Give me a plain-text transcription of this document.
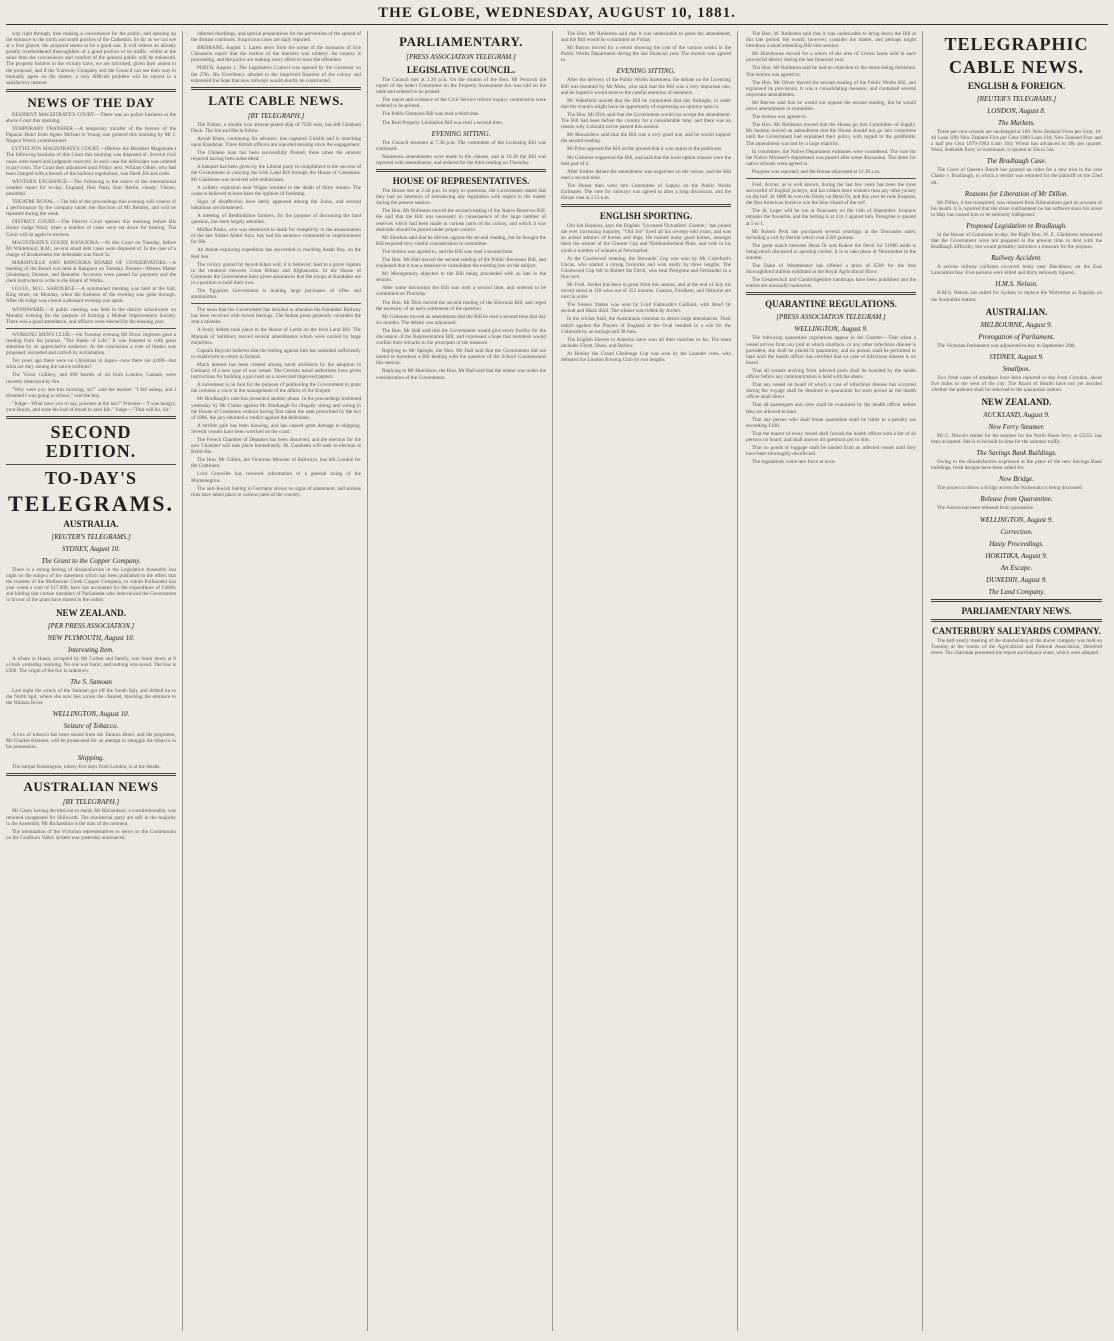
THE GLOBE, WEDNESDAY, AUGUST 10, 1881.

way right through, thus making a convenience for the public, and opening up the entrance to the north and south porches of the Cathedral. So far as we can see at a first glance, the proposal seems to be a good one. It will relieve an already greatly overburdened thoroughfare of a good portion of its traffic, whilst at the same time the convenience and comfort of the general public will be enhanced. The property holders in the vicinity have, we are informed, given their assent to the proposal, and if the Tramway Company and the Council can see their way to mutually agree on the matter, a very difficult problem will be solved in a satisfactory manner.

NEWS OF THE DAY

RESIDENT MAGISTRATE'S COURT.—There was no police business at the above Court this morning.

TEMPORARY TRANSFER.—A temporary transfer of the licence of the Papanui Hotel from Agnes Mclean to Young was granted this morning by Mr J. Nugent Wood, commissioner.

LYTTELTON MAGISTRATE'S COURT.—(Before the Resident Magistrate.) The following business of this Court this morning was disposed of. Several civil cases were heard and judgment reserved. In each case the defendant was ordered to pay costs. The Court then adjourned until Friday next. William Oddie, who had been charged with a breach of the harbour regulations, was fined 20s and costs.

WESTERN EXCHANGE.—The following is the return of the international weather report for to-day: England, fine; Paris, fine; Berlin, cloudy; Vienna, unsettled.

THEATRE ROYAL.—The bill of the proceedings this evening will consist of a performance by the company under the direction of Mr Bentley, and will be repeated during the week.

DISTRICT COURT.—The District Court opened this morning before His Honor Judge Ward, when a number of cases were set down for hearing. The Court will sit again to-morrow.

MAGISTRATE'S COURT, RANGIORA.—At this Court on Tuesday, before Mr Whitefoord, R.M., several small debt cases were disposed of. In the case of a charge of drunkenness the defendant was fined 5s.

MARSHVILLE AND RANGIORA BOARD OF CONSERVATORS.—A meeting of the Board was held at Rangiora on Tuesday. Present—Messrs Maher (chairman), Dunsoe, and Bennetts. Accounts were passed for payment and the clerk instructed to write to the Board of Works.

I.O.O.F., M.U., SABOURGE.—A summoned meeting was held at the hall, King street, on Monday, when the business of the evening was gone through. After the lodge was closed a pleasant evening was spent.

WOODWARD.—A public meeting was held in the district schoolroom on Monday evening for the purpose of forming a Mutual Improvement Society. There was a good attendance, and officers were elected for the ensuing year.

WORKING MEN'S CLUB.—On Tuesday evening Mr Ebon. Inglesen gave a reading from his journal, "The Battle of Life." It was listened to with great attention by an appreciative audience. At the conclusion a vote of thanks was proposed, seconded and carried by acclamation.

Ten years ago there were no Christians in Japan—now there are 4,000—but what are they among the native millions?

The Victor Colliery, and 600 barrels of oil from London, Canada, were recently destroyed by fire.

"Why were you late this morning, sir?" said the teacher. "I fell asleep, and I dreamed I was going to school," said the boy.

"Judge—What have you to say, prisoner at the bar?" Prisoner—"I was hungry, your Honor, and stole the loaf of bread to save life." Judge—"That will do, Sir."

SECOND EDITION.
TO-DAY'S
TELEGRAMS.
AUSTRALIA.
[REUTER'S TELEGRAMS.]
SYDNEY, August 10.
The Grant to the Copper Company.

There is a strong feeling of dissatisfaction in the Legislative Assembly last night on the subject of the statement which has been published to the effect that the trustees of the Melbourne Creek Copper Company, to whom Parliament last year voted a sum of £17,000, have not accounted for the expenditure of £4000, and hinting that certain members of Parliament who interviewed the Government in favour of the grant have shared in the outlay.

NEW ZEALAND.
[PER PRESS ASSOCIATION.]
NEW PLYMOUTH, August 10.
Interesting Item.

A whare at Hauta, occupied by Mr Corbet and family, was burnt down at 6 o'clock yesterday morning. No one was burnt, and nothing was saved. The loss is £300. The origin of the fire is unknown.

The S. Samoan

Last night the wreck of the Samoan got off the South Spit, and drifted on to the North Spit, where she now lies across the channel, blocking the entrance to the Waitara River.

WELLINGTON, August 10.
Seizure of Tobacco.

A box of tobacco has been seized from the Tararua Hotel, and the proprietor, Mr Charles Kimmer, will be prosecuted for an attempt to smuggle the tobacco in his possession.

Shipping.

The barque Kennington, ninety-five days from London, is at the Heads.

AUSTRALIAN NEWS
[BY TELEGRAPH.]

Mr Casey having decided not to stand, Mr Richardson, a constitutionalist, was returned unopposed for Shilworth. The ministerial party are still in the majority in the Assembly. Mr Richardson is the man of the moment.

The nomination of the Victorian representatives to serve on the Commission on the Goulburn Valley system was yesterday announced.

infected dwellings, and special preparations for the prevention of the spread of the disease continues. Suspicious cases are daily reported.

BRISBANE, August 1. Latest news from the scene of the massacre of five Chinamen report that the motive of the murders was robbery. An inquiry is proceeding, and the police are making every effort to trace the offenders.

PERTH, August 1. The Legislative Council was opened by the Governor on the 27th. His Excellency alluded to the improved finances of the colony and expressed the hope that new railways would shortly be constructed.

LATE CABLE NEWS.
[BY TELEGRAPH.]

The Nation, a double iron armour-plated ship of 7220 tons, has left Chatham Dock. The Iris and Hecla follow.

Ayoub Khan, continuing his advance, has captured Girishk and is marching upon Kandahar. Three British officers are reported missing since the engagement.

The Chinese loan has been successfully floated, three times the amount required having been subscribed.

A banquet has been given by the Liberal party in compliment to the success of the Government in carrying the Irish Land Bill through the House of Commons. Mr Gladstone was received with enthusiasm.

A colliery explosion near Wigan resulted in the death of thirty miners. The cause is believed to have been the ignition of firedamp.

Signs of disaffection have lately appeared among the Zulus, and several battalions are threatened.

A meeting of Bedfordshire farmers, for the purpose of discussing the land question, has been largely attended.

Midhat Pasha, who was sentenced to death for complicity in the assassination of the late Sultan Abdul Aziz, has had his sentence commuted to imprisonment for life.

An Italian exploring expedition has succeeded in reaching Assab Bay, on the Red Sea.

The victory gained by Ayoub Khan will, it is believed, lead to a grave rupture in the relations between Great Britain and Afghanistan. In the House of Commons the Government have given assurances that the troops at Kandahar are in a position to hold their own.

The Egyptian Government is making large purchases of rifles and ammunition.

The news that the Government has decided to abandon the Kandahar Railway has been received with mixed feelings. The Indian press generally considers the step a mistake.

A lively debate took place in the House of Lords on the Irish Land Bill. The Marquis of Salisbury moved several amendments which were carried by large majorities.

Captain Boycott believes that the feeling against him has subsided sufficiently to enable him to return to Ireland.

Much interest has been created among naval architects by the adoption in Germany of a new type of war vessel. The German naval authorities have given instructions for building a gun boat on a novel and improved pattern.

A movement is on foot for the purpose of petitioning the Government to grant the colonies a voice in the management of the affairs of the Empire.

Mr Bradlaugh's case has presented another phase. In the proceedings instituted yesterday by Mr Clarke against Mr Bradlaugh for illegally sitting and voting in the House of Commons without having first taken the oath prescribed by the Act of 1866, the jury returned a verdict against the defendant.

A terrible gale has been blowing, and has caused great damage to shipping. Several vessels have been wrecked on the coast.

The French Chamber of Deputies has been dissolved, and the election for the new Chamber will take place immediately. M. Gambetta will seek re-election at Belleville.

The Hon. Mr Gillies, the Victorian Minister of Railways, has left London for the Continent.

Lord Granville has received information of a general rising of the Montenegrins.

The anti-Jewish feeling in Germany shows no signs of abatement, and serious riots have taken place in various parts of the country.

PARLIAMENTARY.
[PRESS ASSOCIATION TELEGRAM.]
LEGISLATIVE COUNCIL.

The Council met at 2.30 p.m. On the motion of the Hon. Mr Peacock the report of the Select Committee on the Property Assessment Act was laid on the table and ordered to be printed.

The report and evidence of the Civil Service reform inquiry commission were ordered to be printed.

The Public Domains Bill was read a third time.

The Real Property Limitation Bill was read a second time.

EVENING SITTING.

The Council resumed at 7.30 p.m. The committee of the Licensing Bill was continued.

Numerous amendments were made in the clauses, and at 10.30 the Bill was reported with amendments, and ordered for the third reading on Thursday.

HOUSE OF REPRESENTATIVES.

The House met at 2.30 p.m. In reply to questions, the Government stated that they had no intention of introducing any legislation with regard to the matter during the present session.

The Hon. Mr Rolleston moved the second reading of the Native Reserves Bill. He said that the Bill was necessary in consequence of the large number of reserves which had been made in various parts of the colony, and which it was desirable should be placed under proper control.

Mr Sheehan said that he did not oppose the second reading, but he thought the Bill required very careful consideration in committee.

The motion was agreed to, and the Bill was read a second time.

The Hon. Mr Hall moved the second reading of the Public Revenues Bill, and explained that it was a measure to consolidate the existing law on the subject.

Mr Montgomery objected to the Bill being proceeded with so late in the session.

After some discussion the Bill was read a second time, and ordered to be committed on Thursday.

The Hon. Mr Dick moved the second reading of the Electoral Bill, and urged the necessity of an early settlement of the question.

Mr Gisborne moved an amendment that the Bill be read a second time that day six months. The debate was adjourned.

The Hon. Mr Hall said that the Government would give every facility for the discussion of the Representation Bill, and expressed a hope that members would confine their remarks to the principles of the measure.

Replying to Mr Speight, the Hon. Mr Hall said that the Government did not intend to introduce a Bill dealing with the question of the School Commissions this session.

Replying to Mr Hutchison, the Hon. Mr Hall said that the matter was under the consideration of the Government.

The Hon. Mr Rolleston said that it was undesirable to press the amendment, and the Bill would be committed on Friday.

Mr Barron moved for a return showing the cost of the various works in the Public Works Department during the last financial year. The motion was agreed to.

EVENING SITTING.

After the delivery of the Public Works Statement, the debate on the Licensing Bill was resumed by Mr Moss, who said that the Bill was a very important one, and he hoped it would receive the careful attention of members.

Mr Wakefield moved that the Bill be committed that day fortnight, in order that the country might have an opportunity of expressing an opinion upon it.

The Hon. Mr Dick said that the Government would not accept the amendment. The Bill had been before the country for a considerable time, and there was no reason why it should not be passed this session.

Mr Macandrew said that the Bill was a very good one, and he would support the second reading.

Mr Pyke opposed the Bill on the ground that it was unjust to the publicans.

Mr Gisborne supported the Bill, and said that the local option clauses were the best part of it.

After further debate the amendment was negatived on the voices, and the Bill read a second time.

The House then went into Committee of Supply on the Public Works Estimates. The vote for railways was agreed to after a long discussion, and the House rose at 2.15 a.m.

ENGLISH SPORTING.

Old Joe Hopkins, says the English "Licensed Victuallers' Gazette," has joined the ever increasing majority. "Old Joe" lived all his seventy-odd years, and was an ardent admirer of horses and dogs. He trained many good horses, amongst them the winner of the Chester Cup and Northumberland Plate, and rode in his youth a number of winners at Newmarket.

At the Goodwood meeting, the Stewards' Cup was won by Mr Crawfurd's Uncas, who started a strong favourite and won easily by three lengths. The Goodwood Cup fell to Robert the Devil, who beat Peregrine and Fernandez in a fine race.

Mr Fred. Archer has been in great form this season, and at the end of July his record stood at 118 wins out of 352 mounts. Cannon, Fordham, and Osborne are next in order.

The Sussex Stakes was won by Lord Falmouth's Galliard, with Bend Or second and Mask third. The winner was ridden by Archer.

In the cricket field, the Australians continue to attract large attendances. Their match against the Players of England at the Oval resulted in a win for the Colonials by an innings and 38 runs.

The English Eleven in America have won all their matches so far. The team includes Ulyett, Shaw, and Barlow.

At Henley the Grand Challenge Cup was won by the Leander crew, who defeated the London Rowing Club by two lengths.

The Hon. W. Rolleston said that it was undesirable to bring down the Bill at this late period. He would, however, consider the matter, and perhaps might introduce a short amending Bill next session.

Mr Hursthouse moved for a return of the area of Crown lands sold in each provincial district during the last financial year.

The Hon. Mr Rolleston said he had no objection to the return being furnished. The motion was agreed to.

The Hon. Mr Oliver moved the second reading of the Public Works Bill, and explained its provisions. It was a consolidating measure, and contained several important amendments.

Mr Reeves said that he would not oppose the second reading, but he would move amendments in committee.

The motion was agreed to.

The Hon. Mr Rolleston moved that the House go into Committee of Supply. Mr Seddon moved an amendment that the House should not go into committee until the Government had explained their policy with regard to the goldfields. The amendment was lost by a large majority.

In committee, the Native Department estimates were considered. The vote for the Native Minister's department was passed after some discussion. The items for native schools were agreed to.

Progress was reported, and the House adjourned at 12.30 a.m.

Fred. Archer, as is well known, during the last few years has been the most successful of English jockeys, and has ridden more winners than any other jockey on the turf. In 1880 he won the Derby on Bend Or, and this year he rode Iroquois, the first American horse to win the blue riband of the turf.

The St. Leger will be run at Doncaster on the 14th of September. Iroquois remains the favourite, and the betting is at 4 to 1 against him. Peregrine is quoted at 5 to 1.

Mr Robert Peck has purchased several yearlings at the Doncaster sales, including a colt by Hermit which cost 2200 guineas.

The great match between Bend Or and Robert the Devil for £1000 aside is being much discussed in sporting circles. It is to take place at Newmarket in the autumn.

The Duke of Westminster has offered a prize of £500 for the best thoroughbred stallion exhibited at the Royal Agricultural Show.

The Cesarewitch and Cambridgeshire handicaps have been published and the entries are unusually numerous.

QUARANTINE REGULATIONS.
[PRESS ASSOCIATION TELEGRAM.]
WELLINGTON, August 9.

The following quarantine regulations appear in the Gazette:—That when a vessel arrives from any port at which smallpox, or any other infectious disease is prevalent, she shall be placed in quarantine, and no person shall be permitted to land until the health officer has certified that no case of infectious disease is on board.

That all vessels arriving from infected ports shall be boarded by the health officer before any communication is held with the shore.

That any vessel on board of which a case of infectious disease has occurred during the voyage shall be detained in quarantine for such period as the health officer shall direct.

That all passengers and crew shall be examined by the health officer before they are allowed to land.

That any person who shall break quarantine shall be liable to a penalty not exceeding £100.

That the master of every vessel shall furnish the health officer with a list of all persons on board, and shall answer all questions put to him.

That no goods or luggage shall be landed from an infected vessel until they have been thoroughly disinfected.

The regulations come into force at once.

TELEGRAPHIC
CABLE NEWS.
ENGLISH & FOREIGN.
[REUTER'S TELEGRAMS.]
LONDON, August 8.
The Markets.

Three per cent consols are unchanged at 100. New Zealand Fives per Cent, 10-40 Loan 109; New Zealand Five per Cent 1889 Loan 104; New Zealand Four and a half per Cent 1879-1904 Loan 104; Wheat has advanced to 48s per quarter. Wool, Adelaide floor, or warehouse, is quoted at 50s to 54s.

The Bradlaugh Case.

The Court of Queen's Bench has granted an order for a new trial in the case Clarke v. Bradlaugh, in which a verdict was returned for the plaintiff on the 22nd ult.

Reasons for Liberation of Mr Dillon.

Mr Dillon, it has transpired, was released from Kilmainham gaol on account of his health. It is reported that the close confinement he has suffered since his arrest in May has caused him to be seriously indisposed.

Proposed Legislation re Bradlaugh.

In the House of Commons to-day, the Right Hon. W. E. Gladstone announced that the Government were not prepared at the present time to deal with the Bradlaugh difficulty, but would probably introduce a measure for the purpose.

Railway Accident.

A serious railway collision occurred today near Blackburn, on the East Lancashire line. Five persons were killed and thirty seriously injured.

H.M.S. Nelson.

H.M.S. Nelson has sailed for Sydney to replace the Wolverine as flagship on the Australian station.

AUSTRALIAN.
MELBOURNE, August 9.
Prorogation of Parliament.

The Victorian Parliament was adjourned to-day to September 20th.

SYDNEY, August 9.
Smallpox.

Two fresh cases of smallpox have been reported to-day from Croydon, about five miles to the west of the city. The Board of Health have not yet decided whether the patients shall be removed to the quarantine station.

NEW ZEALAND.
AUCKLAND, August 9.
New Ferry Steamer.

Mr G. Niccol's tender for the steamer for the North Shore ferry, at £3255, has been accepted. She is to be built in time for the summer traffic.

The Savings Bank Buildings.

Owing to the dissatisfaction expressed at the plans of the new Savings Bank buildings, fresh designs have been called for.

New Bridge.

The project to throw a bridge across the Waitemata is being discussed.

Release from Quarantine.

The Aurora has been released from quarantine.

WELLINGTON, August 9.
Correction.
Hasty Proceedings.
HOKITIKA, August 9.
An Escape.
DUNEDIN, August 9.
The Land Company.
PARLIAMENTARY NEWS.
CANTERBURY SALEYARDS COMPANY.

The half-yearly meeting of the shareholders of the above company was held on Tuesday at the rooms of the Agricultural and Pastoral Association, Hereford street. The chairman presented the report and balance sheet, which were adopted.
